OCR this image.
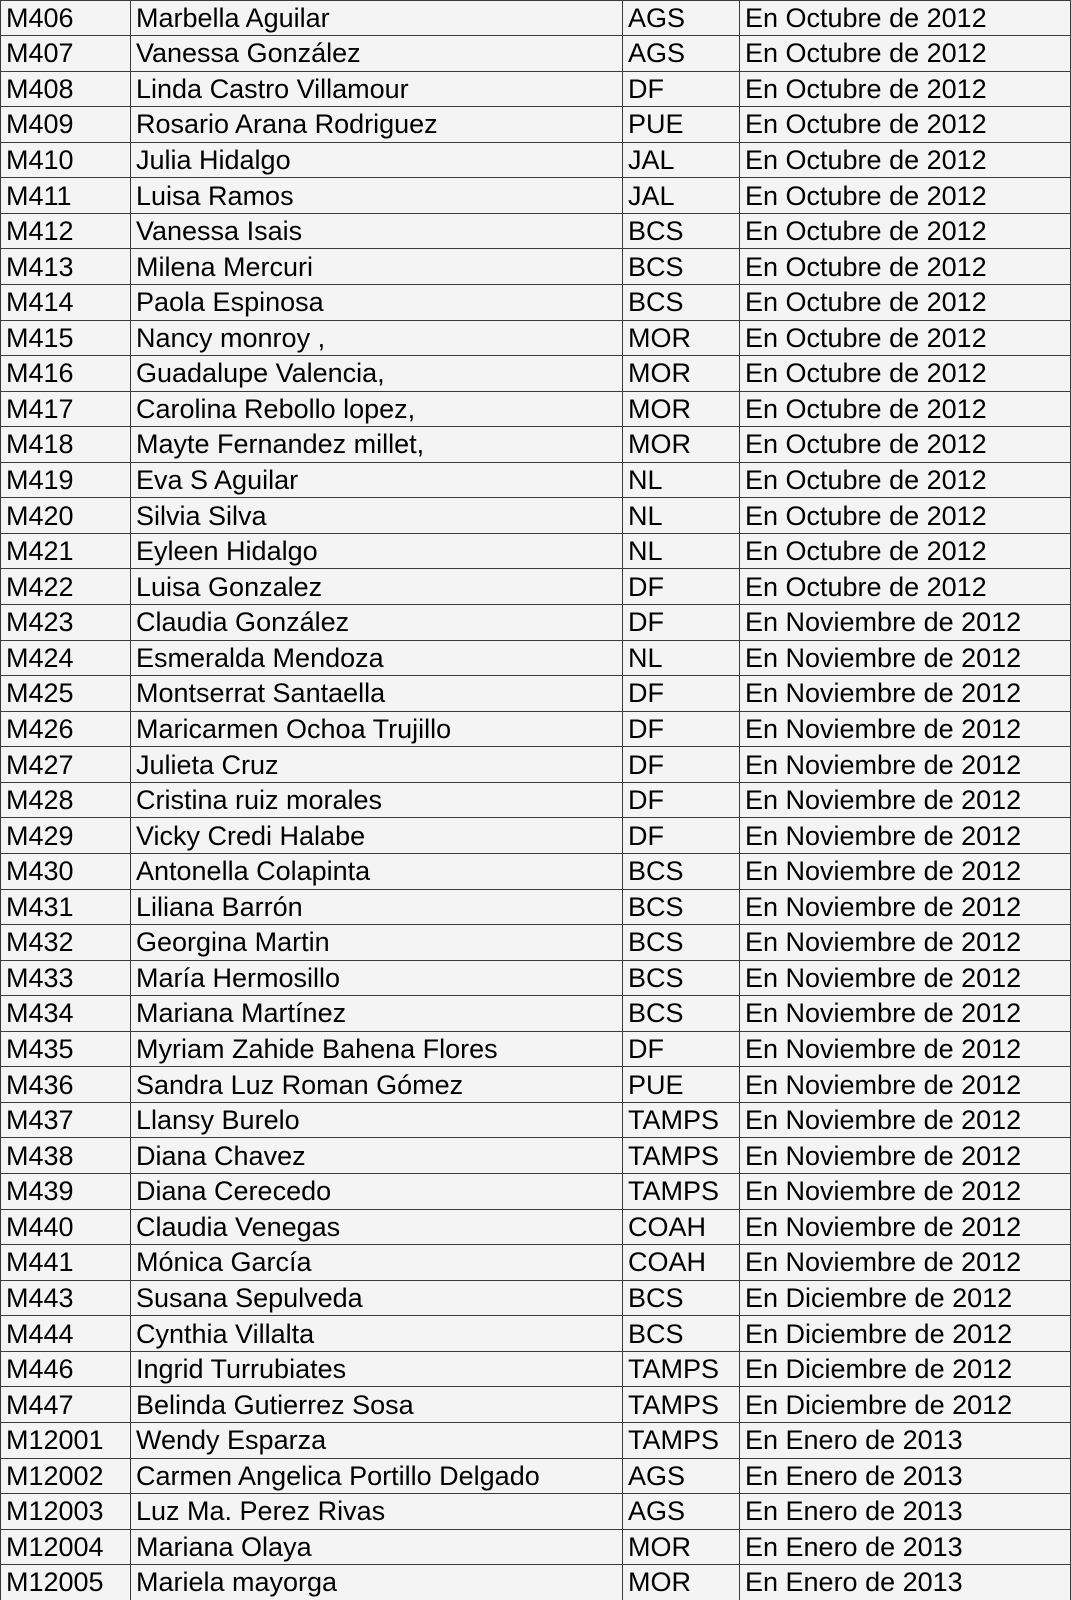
M406	Marbella Aguilar	AGS	En Octubre de 2012
M407	Vanessa González	AGS	En Octubre de 2012
M408	Linda Castro Villamour	DF	En Octubre de 2012
M409	Rosario Arana Rodriguez	PUE	En Octubre de 2012
M410	Julia Hidalgo	JAL	En Octubre de 2012
M411	Luisa Ramos	JAL	En Octubre de 2012
M412	Vanessa Isais	BCS	En Octubre de 2012
M413	Milena Mercuri	BCS	En Octubre de 2012
M414	Paola Espinosa	BCS	En Octubre de 2012
M415	Nancy monroy ,	MOR	En Octubre de 2012
M416	Guadalupe Valencia,	MOR	En Octubre de 2012
M417	Carolina Rebollo lopez,	MOR	En Octubre de 2012
M418	Mayte Fernandez millet,	MOR	En Octubre de 2012
M419	Eva S Aguilar	NL	En Octubre de 2012
M420	Silvia Silva	NL	En Octubre de 2012
M421	Eyleen Hidalgo	NL	En Octubre de 2012
M422	Luisa Gonzalez	DF	En Octubre de 2012
M423	Claudia González	DF	En Noviembre de 2012
M424	Esmeralda Mendoza	NL	En Noviembre de 2012
M425	Montserrat Santaella	DF	En Noviembre de 2012
M426	Maricarmen Ochoa Trujillo	DF	En Noviembre de 2012
M427	Julieta Cruz	DF	En Noviembre de 2012
M428	Cristina ruiz morales	DF	En Noviembre de 2012
M429	Vicky Credi Halabe	DF	En Noviembre de 2012
M430	Antonella Colapinta	BCS	En Noviembre de 2012
M431	Liliana Barrón	BCS	En Noviembre de 2012
M432	Georgina Martin	BCS	En Noviembre de 2012
M433	María Hermosillo	BCS	En Noviembre de 2012
M434	Mariana Martínez	BCS	En Noviembre de 2012
M435	Myriam Zahide Bahena Flores	DF	En Noviembre de 2012
M436	Sandra Luz Roman Gómez	PUE	En Noviembre de 2012
M437	Llansy Burelo	TAMPS	En Noviembre de 2012
M438	Diana Chavez	TAMPS	En Noviembre de 2012
M439	Diana Cerecedo	TAMPS	En Noviembre de 2012
M440	Claudia Venegas	COAH	En Noviembre de 2012
M441	Mónica García	COAH	En Noviembre de 2012
M443	Susana Sepulveda	BCS	En Diciembre de 2012
M444	Cynthia Villalta	BCS	En Diciembre de 2012
M446	Ingrid Turrubiates	TAMPS	En Diciembre de 2012
M447	Belinda Gutierrez Sosa	TAMPS	En Diciembre de 2012
M12001	Wendy Esparza	TAMPS	En Enero de 2013
M12002	Carmen Angelica Portillo Delgado	AGS	En Enero de 2013
M12003	Luz Ma. Perez Rivas	AGS	En Enero de 2013
M12004	Mariana Olaya	MOR	En Enero de 2013
M12005	Mariela mayorga	MOR	En Enero de 2013
